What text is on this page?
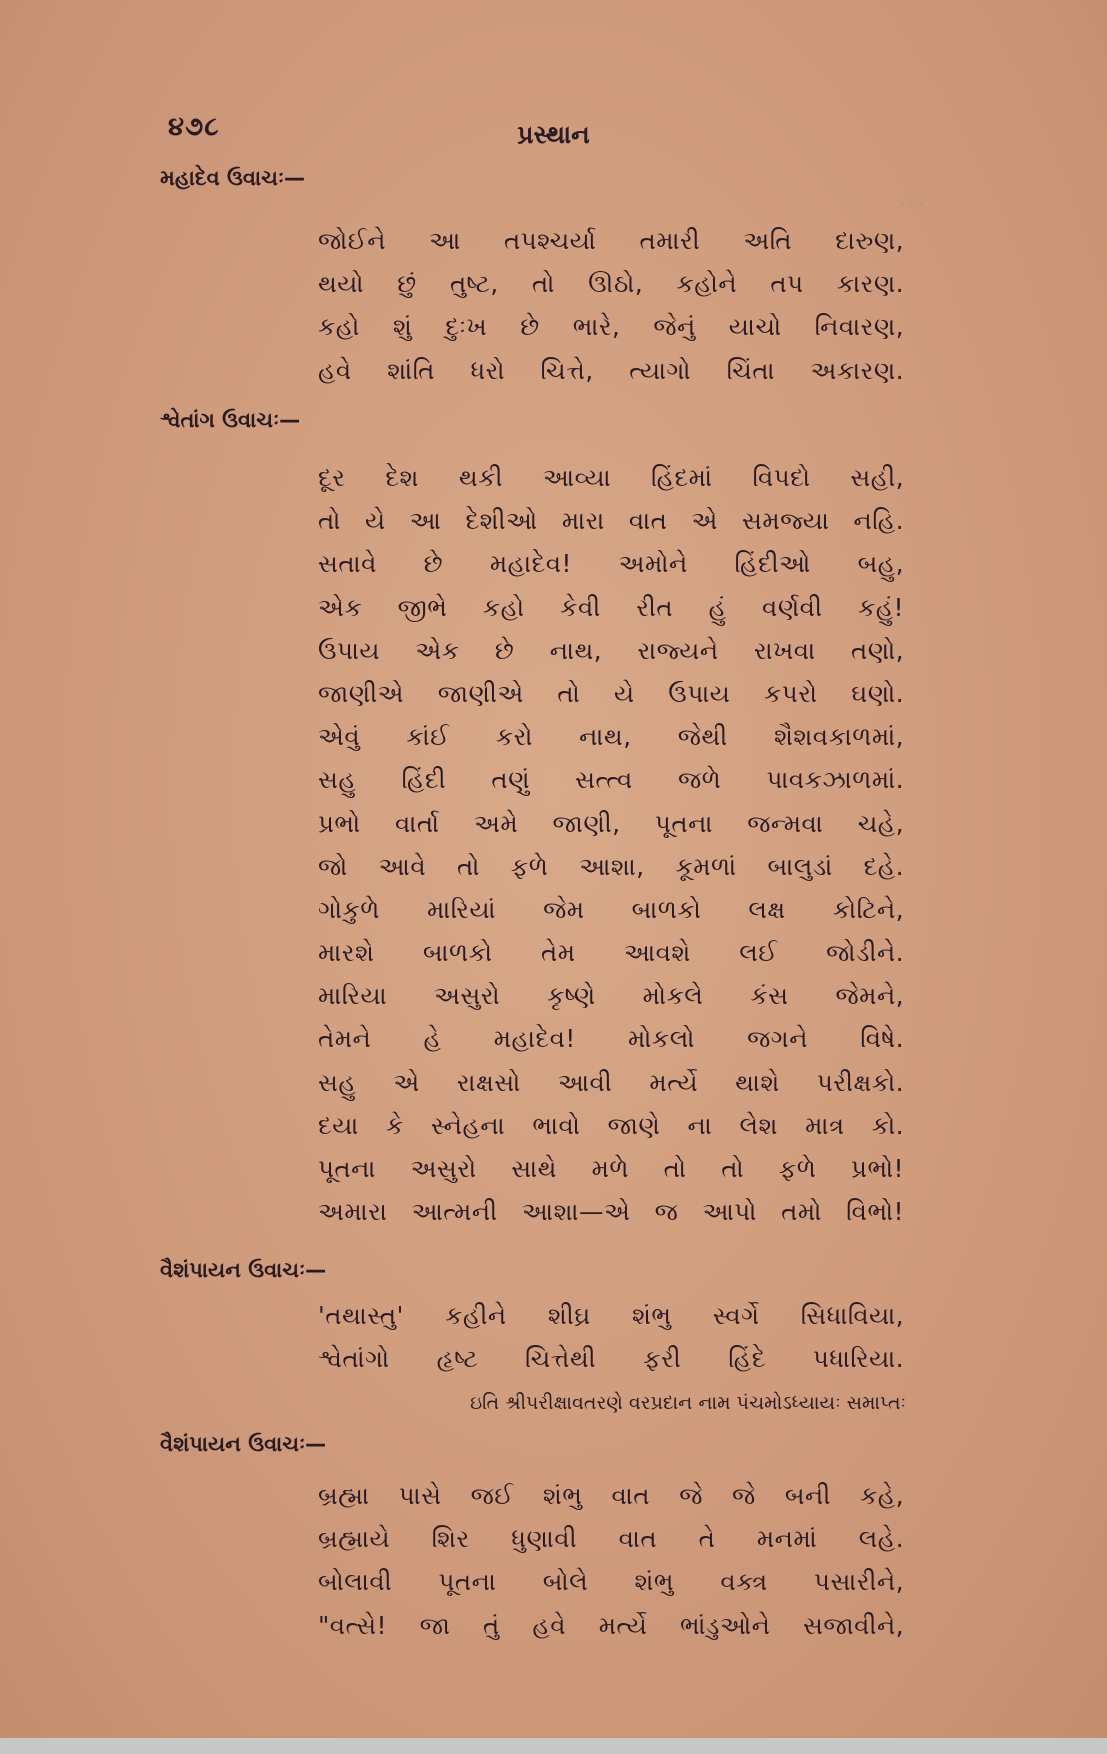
· · ·
૪૭૮	પ્રસ્થાન
મહાદેવ ઉવાચઃ—
જોઈને આ તપશ્ચર્યા તમારી અતિ દારુણ,
થયો છું તુષ્ટ, તો ઊઠો, કહોને તપ કારણ.
કહો શું દુઃખ છે ભારે, જેનું યાચો નિવારણ,
હવે શાંતિ ધરો ચિત્તે, ત્યાગો ચિંતા અકારણ.
શ્વેતાંગ ઉવાચઃ—
દૂર દેશ થકી આવ્યા હિંદમાં વિપદો સહી,
તો યે આ દેશીઓ મારા વાત એ સમજ્યા નહિ.
સતાવે છે મહાદેવ! અમોને હિંદીઓ બહુ,
એક જીભે કહો કેવી રીત હું વર્ણવી કહું!
ઉપાય એક છે નાથ, રાજ્યને રાખવા તણો,
જાણીએ જાણીએ તો યે ઉપાય કપરો ઘણો.
એવું કાંઈ કરો નાથ, જેથી શૈશવકાળમાં,
સહુ હિંદી તણું સત્ત્વ જળે પાવકઝાળમાં.
પ્રભો વાર્તા અમે જાણી, પૂતના જન્મવા ચહે,
જો આવે તો ફળે આશા, કૂમળાં બાલુડાં દહે.
ગોકુળે મારિયાં જેમ બાળકો લક્ષ કોટિને,
મારશે બાળકો તેમ આવશે લઈ જોડીને.
મારિયા અસુરો કૃષ્ણે મોકલે કંસ જેમને,
તેમને હે મહાદેવ! મોકલો જગને વિષે.
સહુ એ રાક્ષસો આવી મર્ત્યે થાશે પરીક્ષકો.
દયા કે સ્નેહના ભાવો જાણે ના લેશ માત્ર કો.
પૂતના અસુરો સાથે મળે તો તો ફળે પ્રભો!
અમારા આત્મની આશા—એ જ આપો તમો વિભો!
વૈશંપાયન ઉવાચઃ—
'તથાસ્તુ' કહીને શીઘ્ર શંભુ સ્વર્ગે સિધાવિયા,
શ્વેતાંગો હૃષ્ટ ચિત્તેથી ફરી હિંદે પધારિયા.
ઇતિ શ્રીપરીક્ષાવતરણે વરપ્રદાન નામ પંચમોઽધ્યાયઃ સમાપ્તઃ
વૈશંપાયન ઉવાચઃ—
બ્રહ્મા પાસે જઈ શંભુ વાત જે જે બની કહે,
બ્રહ્માયે શિર ધુણાવી વાત તે મનમાં લહે.
બોલાવી પૂતના બોલે શંભુ વક્ત્ર પસારીને,
"વત્સે! જા તું હવે મર્ત્યે ભાંડુઓને સજાવીને,
